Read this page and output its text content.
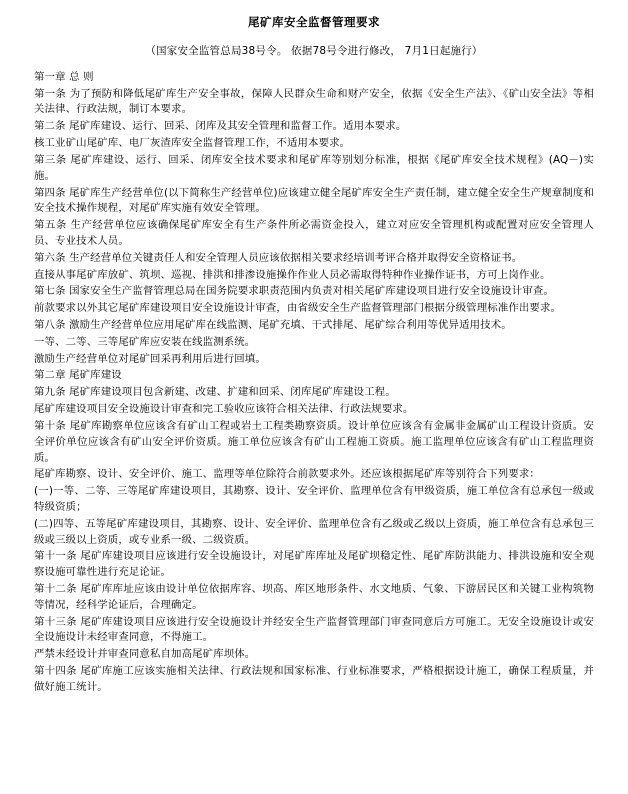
尾矿库安全监督管理要求
（国家安全监管总局38号令。 依据78号令进行修改， 7月1日起施行）

第一章 总 则

第一条 为了预防和降低尾矿库生产安全事故，保障人民群众生命和财产安全，依据《安全生产法》、《矿山安全法》等相关法律、行政法规，制订本要求。

第二条 尾矿库建设、运行、回采、闭库及其安全管理和监督工作。适用本要求。

核工业矿山尾矿库、电厂灰渣库安全监督管理工作，不适用本要求。

第三条 尾矿库建设、运行、回采、闭库安全技术要求和尾矿库等别划分标准，根据《尾矿库安全技术规程》(AQ－)实施。

第四条 尾矿库生产经营单位(以下简称生产经营单位)应该建立健全尾矿库安全生产责任制，建立健全安全生产规章制度和安全技术操作规程，对尾矿库实施有效安全管理。

第五条 生产经营单位应该确保尾矿库安全有生产条件所必需资金投入，建立对应安全管理机构或配置对应安全管理人员、专业技术人员。

第六条 生产经营单位关键责任人和安全管理人员应该依据相关要求经培训考评合格并取得安全资格证书。

直接从事尾矿库放矿、筑坝、巡视、排洪和排渗设施操作作业人员必需取得特种作业操作证书，方可上岗作业。

第七条 国家安全生产监督管理总局在国务院要求职责范围内负责对相关尾矿库建设项目进行安全设施设计审查。

前款要求以外其它尾矿库建设项目安全设施设计审查，由省级安全生产监督管理部门根据分级管理标准作出要求。

第八条 激励生产经营单位应用尾矿库在线监测、尾矿充填、干式排尾、尾矿综合利用等优异适用技术。

一等、二等、三等尾矿库应安装在线监测系统。

激励生产经营单位对尾矿回采再利用后进行回填。

第二章 尾矿库建设

第九条 尾矿库建设项目包含新建、改建、扩建和回采、闭库尾矿库建设工程。

尾矿库建设项目安全设施设计审查和完工验收应该符合相关法律、行政法规要求。

第十条 尾矿库勘察单位应该含有矿山工程或岩土工程类勘察资质。设计单位应该含有金属非金属矿山工程设计资质。安全评价单位应该含有矿山安全评价资质。施工单位应该含有矿山工程施工资质。施工监理单位应该含有矿山工程监理资质。

尾矿库勘察、设计、安全评价、施工、监理等单位除符合前款要求外。还应该根据尾矿库等别符合下列要求：

(一)一等、二等、三等尾矿库建设项目，其勘察、设计、安全评价、监理单位含有甲级资质，施工单位含有总承包一级或特级资质；

(二)四等、五等尾矿库建设项目，其勘察、设计、安全评价、监理单位含有乙级或乙级以上资质，施工单位含有总承包三级或三级以上资质，或专业系一级、二级资质。

第十一条 尾矿库建设项目应该进行安全设施设计，对尾矿库库址及尾矿坝稳定性、尾矿库防洪能力、排洪设施和安全观察设施可靠性进行充足论证。

第十二条 尾矿库库址应该由设计单位依据库容、坝高、库区地形条件、水文地质、气象、下游居民区和关键工业构筑物等情况，经科学论证后，合理确定。

第十三条 尾矿库建设项目应该进行安全设施设计并经安全生产监督管理部门审查同意后方可施工。无安全设施设计或安全设施设计未经审查同意，不得施工。

严禁未经设计并审查同意私自加高尾矿库坝体。

第十四条 尾矿库施工应该实施相关法律、行政法规和国家标准、行业标准要求，严格根据设计施工，确保工程质量，并做好施工统计。
